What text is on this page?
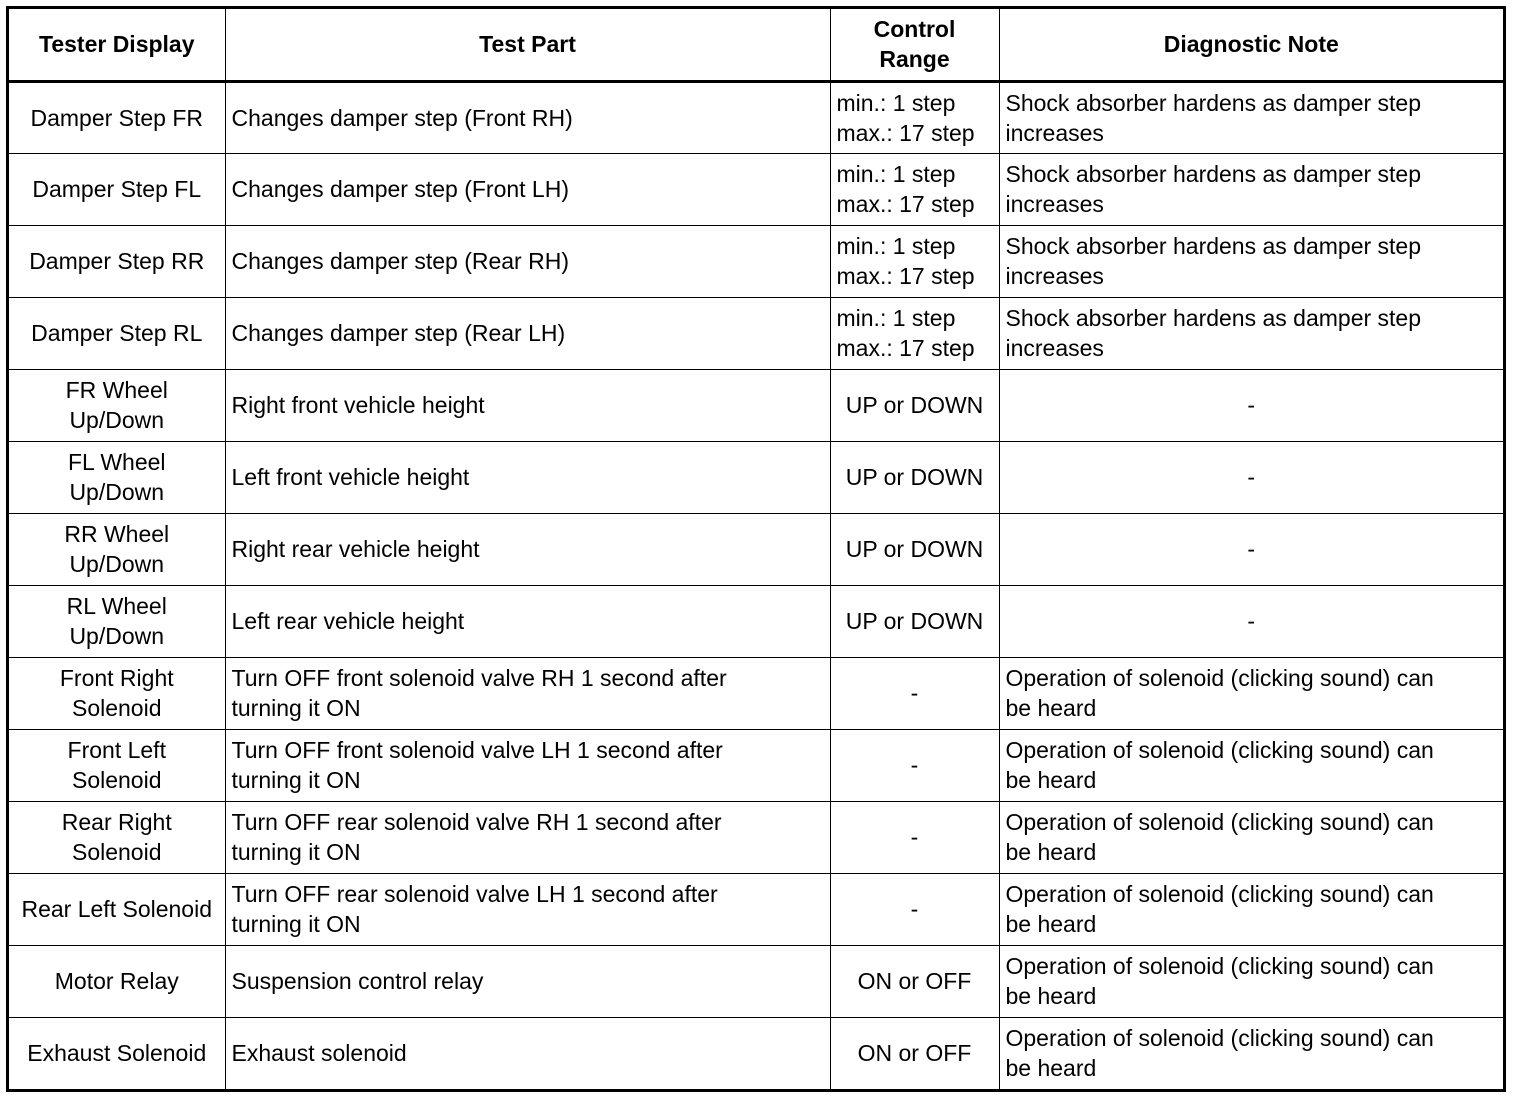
Tester Display	Test Part	Control
Range	Diagnostic Note

Damper Step FR	Changes damper step (Front RH)	min.: 1 step
max.: 17 step	Shock absorber hardens as damper step
increases

Damper Step FL	Changes damper step (Front LH)	min.: 1 step
max.: 17 step	Shock absorber hardens as damper step
increases

Damper Step RR	Changes damper step (Rear RH)	min.: 1 step
max.: 17 step	Shock absorber hardens as damper step
increases

Damper Step RL	Changes damper step (Rear LH)	min.: 1 step
max.: 17 step	Shock absorber hardens as damper step
increases

FR Wheel
Up/Down	Right front vehicle height	UP or DOWN	-

FL Wheel
Up/Down	Left front vehicle height	UP or DOWN	-

RR Wheel
Up/Down	Right rear vehicle height	UP or DOWN	-

RL Wheel
Up/Down	Left rear vehicle height	UP or DOWN	-

Front Right
Solenoid	Turn OFF front solenoid valve RH 1 second after
turning it ON	-	Operation of solenoid (clicking sound) can
be heard

Front Left
Solenoid	Turn OFF front solenoid valve LH 1 second after
turning it ON	-	Operation of solenoid (clicking sound) can
be heard

Rear Right
Solenoid	Turn OFF rear solenoid valve RH 1 second after
turning it ON	-	Operation of solenoid (clicking sound) can
be heard

Rear Left Solenoid	Turn OFF rear solenoid valve LH 1 second after
turning it ON	-	Operation of solenoid (clicking sound) can
be heard

Motor Relay	Suspension control relay	ON or OFF	Operation of solenoid (clicking sound) can
be heard

Exhaust Solenoid	Exhaust solenoid	ON or OFF	Operation of solenoid (clicking sound) can
be heard
